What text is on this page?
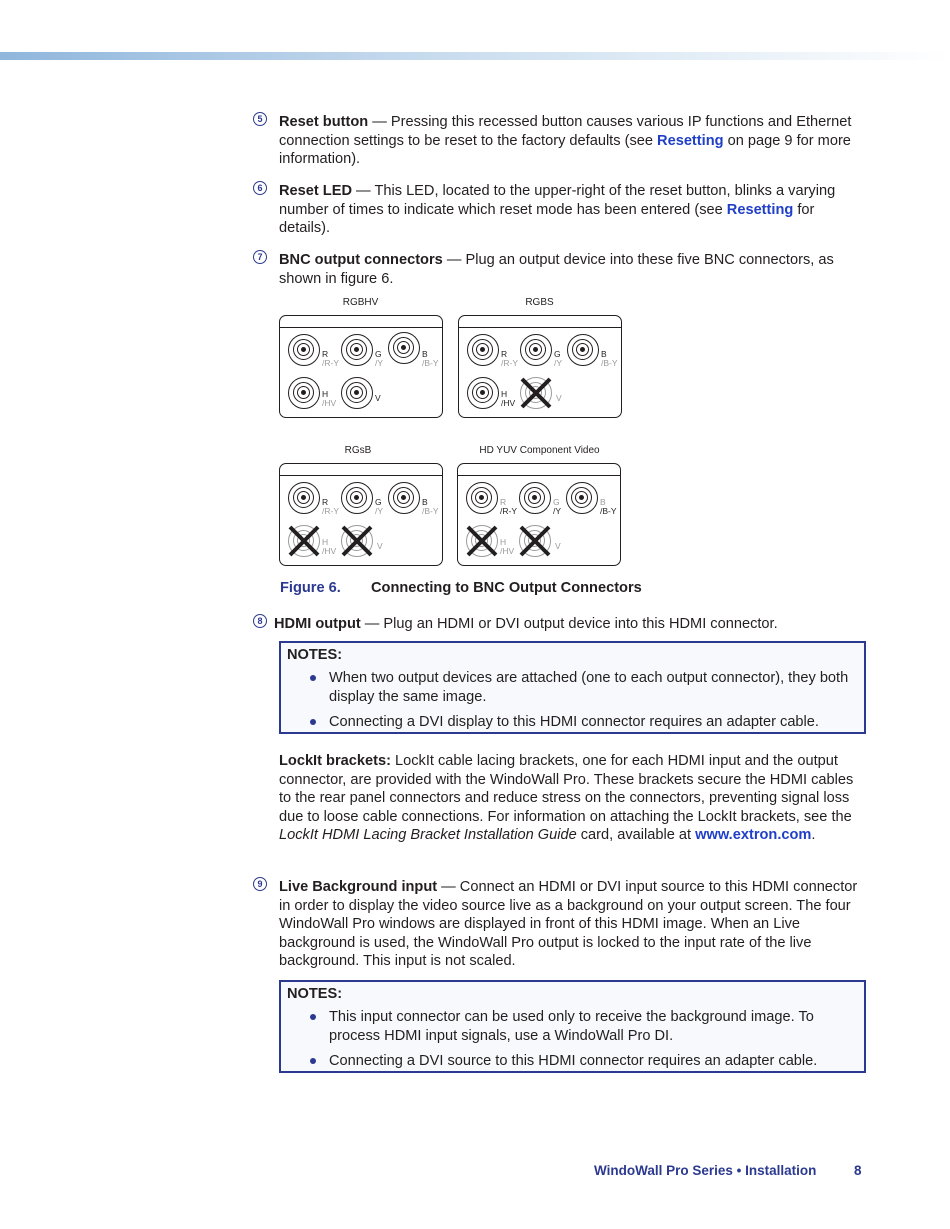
5	Reset button — Pressing this recessed button causes various IP functions and Ethernet connection settings to be reset to the factory defaults (see Resetting on page 9 for more information).
6	Reset LED — This LED, located to the upper-right of the reset button, blinks a varying number of times to indicate which reset mode has been entered (see Resetting for details).
7	BNC output connectors — Plug an output device into these five BNC connectors, as shown in figure 6.
RGBHV
R
/R-Y
G
/Y
B
/B-Y
H
/HV	V
RGBS
R
/R-Y
G
/Y
B
/B-Y
H
/HV	V
RGsB
R
/R-Y
G
/Y
B
/B-Y
H
/HV	V
HD YUV Component Video
R
/R-Y
G
/Y
B
/B-Y
H
/HV	V
Figure 6. Connecting to BNC Output Connectors
8 HDMI output — Plug an HDMI or DVI output device into this HDMI connector.
NOTES:
When two output devices are attached (one to each output connector), they both display the same image.
Connecting a DVI display to this HDMI connector requires an adapter cable.
LockIt brackets: LockIt cable lacing brackets, one for each HDMI input and the output connector, are provided with the WindoWall Pro. These brackets secure the HDMI cables to the rear panel connectors and reduce stress on the connectors, preventing signal loss due to loose cable connections. For information on attaching the LockIt brackets, see the LockIt HDMI Lacing Bracket Installation Guide card, available at www.extron.com.
9	Live Background input — Connect an HDMI or DVI input source to this HDMI connector in order to display the video source live as a background on your output screen. The four WindoWall Pro windows are displayed in front of this HDMI image. When an Live background is used, the WindoWall Pro output is locked to the input rate of the live background. This input is not scaled.
NOTES:
This input connector can be used only to receive the background image. To process HDMI input signals, use a WindoWall Pro DI.
Connecting a DVI source to this HDMI connector requires an adapter cable.
WindoWall Pro Series • Installation	8
